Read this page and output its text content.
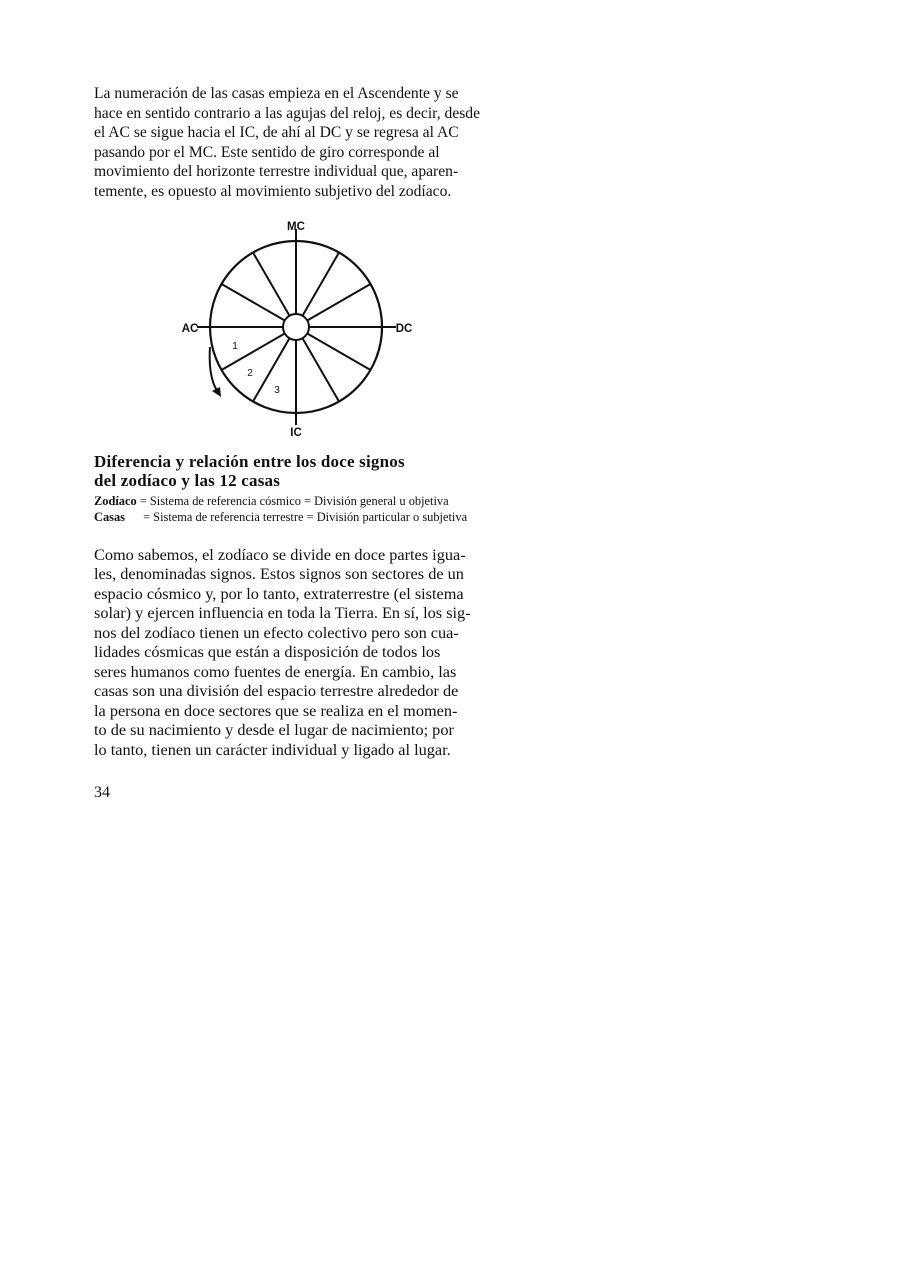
La numeración de las casas empieza en el Ascendente y se
hace en sentido contrario a las agujas del reloj, es decir, desde
el AC se sigue hacia el IC, de ahí al DC y se regresa al AC
pasando por el MC. Este sentido de giro corresponde al
movimiento del horizonte terrestre individual que, aparen-
temente, es opuesto al movimiento subjetivo del zodíaco.

MC
AC	DC
IC
1
2
3

Diferencia y relación entre los doce signos

del zodíaco y las 12 casas

Zodíaco = Sistema de referencia cósmico = División general u objetiva
Casas = Sistema de referencia terrestre = División particular o subjetiva

Como sabemos, el zodíaco se divide en doce partes igua-
les, denominadas signos. Estos signos son sectores de un
espacio cósmico y, por lo tanto, extraterrestre (el sistema
solar) y ejercen influencia en toda la Tierra. En sí, los sig-
nos del zodíaco tienen un efecto colectivo pero son cua-
lidades cósmicas que están a disposición de todos los
seres humanos como fuentes de energía. En cambio, las
casas son una división del espacio terrestre alrededor de
la persona en doce sectores que se realiza en el momen-
to de su nacimiento y desde el lugar de nacimiento; por
lo tanto, tienen un carácter individual y ligado al lugar.

34
